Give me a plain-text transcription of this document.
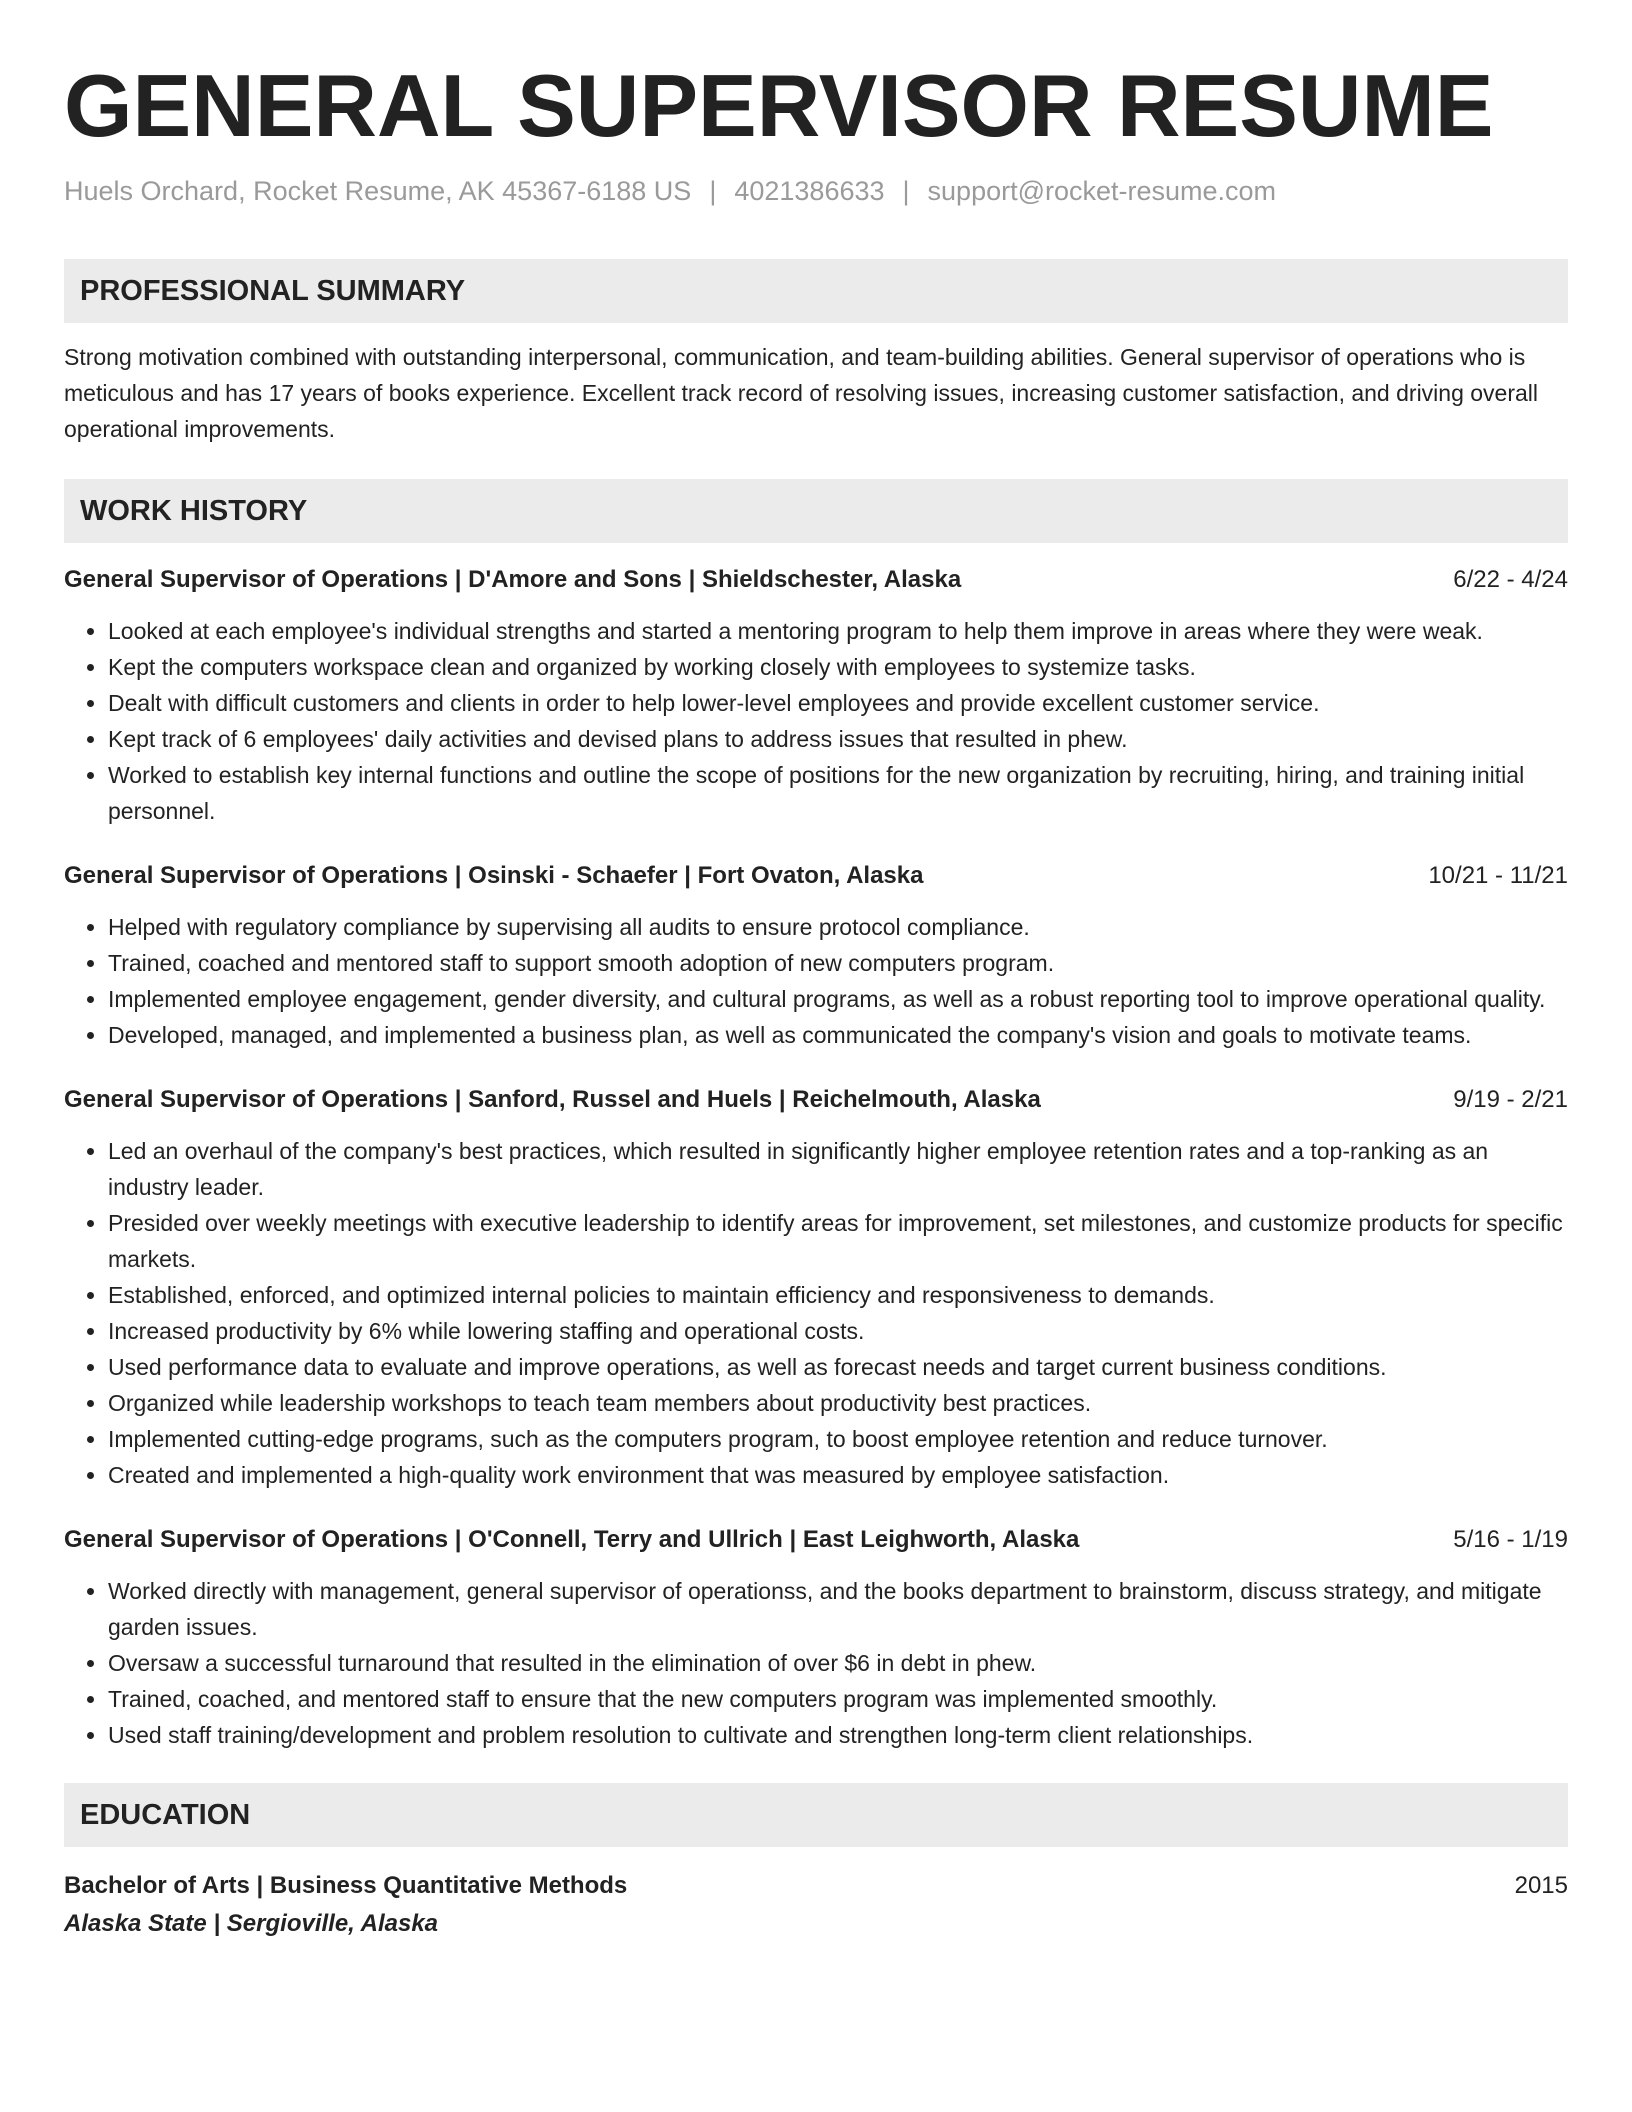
GENERAL SUPERVISOR RESUME
Huels Orchard, Rocket Resume, AK 45367-6188 US | 4021386633 | support@rocket-resume.com
PROFESSIONAL SUMMARY
Strong motivation combined with outstanding interpersonal, communication, and team-building abilities. General supervisor of operations who is meticulous and has 17 years of books experience. Excellent track record of resolving issues, increasing customer satisfaction, and driving overall operational improvements.
WORK HISTORY
General Supervisor of Operations | D'Amore and Sons | Shieldschester, Alaska	6/22 - 4/24
• Looked at each employee's individual strengths and started a mentoring program to help them improve in areas where they were weak.
• Kept the computers workspace clean and organized by working closely with employees to systemize tasks.
• Dealt with difficult customers and clients in order to help lower-level employees and provide excellent customer service.
• Kept track of 6 employees' daily activities and devised plans to address issues that resulted in phew.
• Worked to establish key internal functions and outline the scope of positions for the new organization by recruiting, hiring, and training initial personnel.
General Supervisor of Operations | Osinski - Schaefer | Fort Ovaton, Alaska	10/21 - 11/21
• Helped with regulatory compliance by supervising all audits to ensure protocol compliance.
• Trained, coached and mentored staff to support smooth adoption of new computers program.
• Implemented employee engagement, gender diversity, and cultural programs, as well as a robust reporting tool to improve operational quality.
• Developed, managed, and implemented a business plan, as well as communicated the company's vision and goals to motivate teams.
General Supervisor of Operations | Sanford, Russel and Huels | Reichelmouth, Alaska	9/19 - 2/21
• Led an overhaul of the company's best practices, which resulted in significantly higher employee retention rates and a top-ranking as an industry leader.
• Presided over weekly meetings with executive leadership to identify areas for improvement, set milestones, and customize products for specific markets.
• Established, enforced, and optimized internal policies to maintain efficiency and responsiveness to demands.
• Increased productivity by 6% while lowering staffing and operational costs.
• Used performance data to evaluate and improve operations, as well as forecast needs and target current business conditions.
• Organized while leadership workshops to teach team members about productivity best practices.
• Implemented cutting-edge programs, such as the computers program, to boost employee retention and reduce turnover.
• Created and implemented a high-quality work environment that was measured by employee satisfaction.
General Supervisor of Operations | O'Connell, Terry and Ullrich | East Leighworth, Alaska	5/16 - 1/19
• Worked directly with management, general supervisor of operationss, and the books department to brainstorm, discuss strategy, and mitigate garden issues.
• Oversaw a successful turnaround that resulted in the elimination of over $6 in debt in phew.
• Trained, coached, and mentored staff to ensure that the new computers program was implemented smoothly.
• Used staff training/development and problem resolution to cultivate and strengthen long-term client relationships.
EDUCATION
Bachelor of Arts | Business Quantitative Methods	2015
Alaska State | Sergioville, Alaska
